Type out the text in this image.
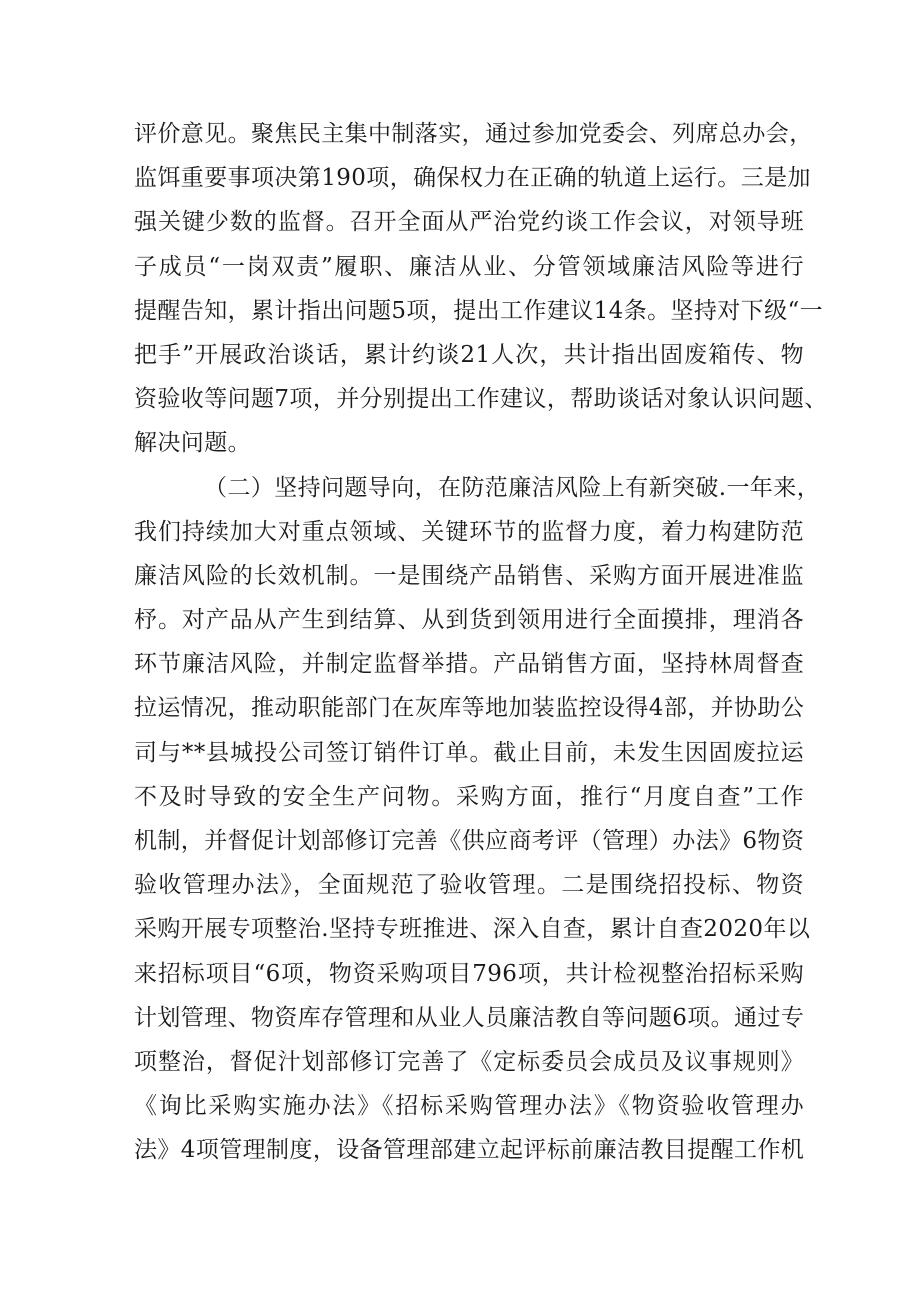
评价意见。聚焦民主集中制落实，通过参加党委会、列席总办会，
监饵重要事项决第190项，确保权力在正确的轨道上运行。三是加
强关键少数的监督。召开全面从严治党约谈工作会议，对领导班
子成员“一岗双责”履职、廉洁从业、分管领域廉洁风险等进行
提醒告知，累计指出问题5项，提出工作建议14条。坚持对下级“一
把手”开展政治谈话，累计约谈21人次，共计指出固废箱传、物
资验收等问题7项，并分别提出工作建议，帮助谈话对象认识问题、
解决问题。
（二）坚持问题导向，在防范廉洁风险上有新突破.一年来，
我们持续加大对重点领域、关键环节的监督力度，着力构建防范
廉洁风险的长效机制。一是围绕产品销售、采购方面开展进准监
杼。对产品从产生到结算、从到货到领用进行全面摸排，理消各
环节廉洁风险，并制定监督举措。产品销售方面，坚持林周督查
拉运情况，推动职能部门在灰库等地加装监控设得4部，并协助公
司与**县城投公司签订销件订单。截止目前，未发生因固废拉运
不及时导致的安全生产问物。采购方面，推行“月度自查”工作
机制，并督促计划部修订完善《供应商考评（管理）办法》6物资
验收管理办法》，全面规范了验收管理。二是围绕招投标、物资
采购开展专项整治.坚持专班推进、深入自查，累计自查2020年以
来招标项目“6项，物资采购项目796项，共计检视整治招标采购
计划管理、物资库存管理和从业人员廉洁教自等问题6项。通过专
项整治，督促汁划部修订完善了《定标委员会成员及议事规则》
《询比采购实施办法》《招标采购管理办法》《物资验收管理办
法》4项管理制度，设备管理部建立起评标前廉洁教目提醒工作机
